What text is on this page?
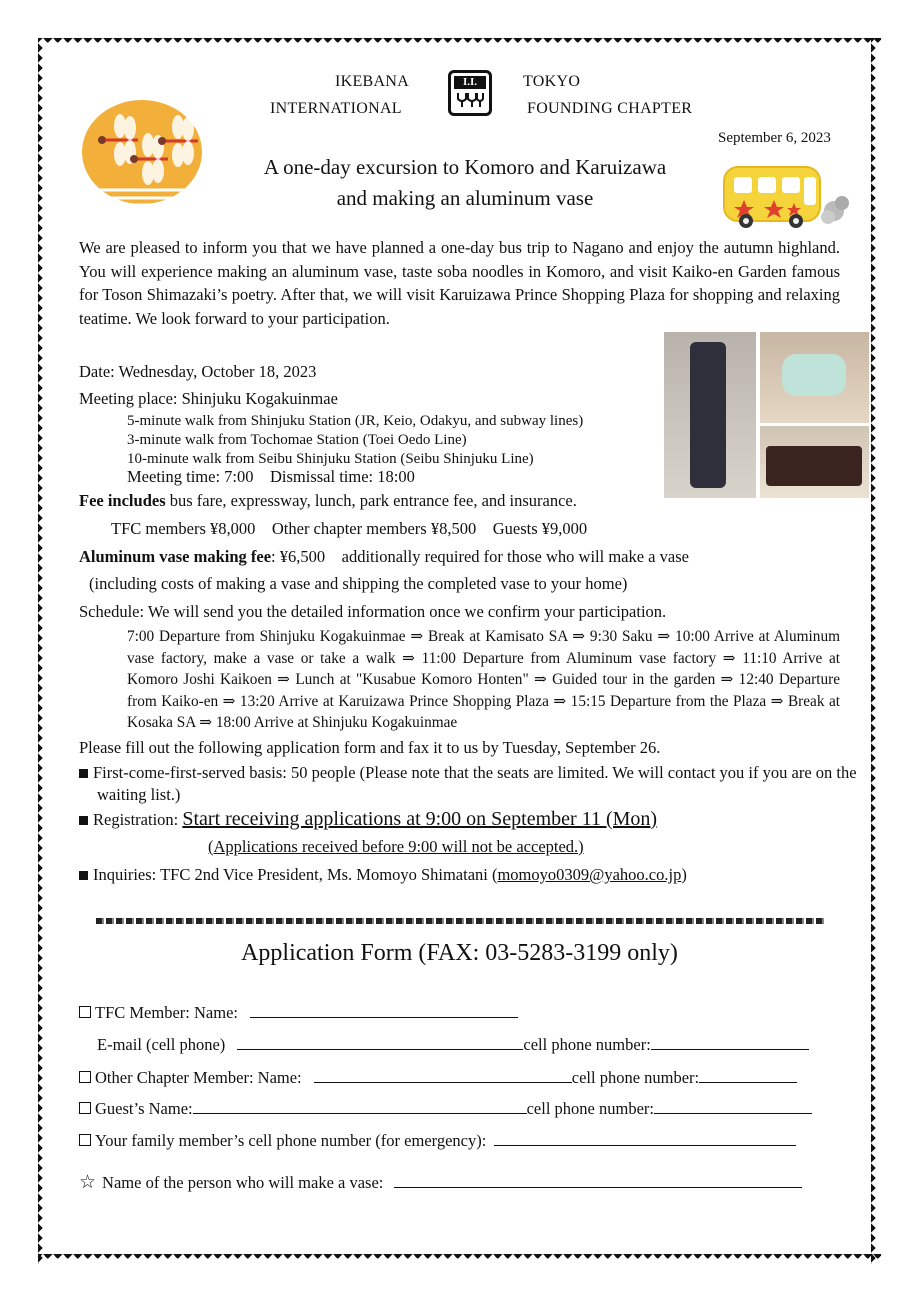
IKEBANA
INTERNATIONAL
TOKYO
FOUNDING CHAPTER
I.I.
September 6, 2023
A one-day excursion to Komoro and Karuizawa
and making an aluminum vase
We are pleased to inform you that we have planned a one-day bus trip to Nagano and enjoy the autumn highland. You will experience making an aluminum vase, taste soba noodles in Komoro, and visit Kaiko-en Garden famous for Toson Shimazaki’s poetry. After that, we will visit Karuizawa Prince Shopping Plaza for shopping and relaxing teatime. We look forward to your participation.
Date: Wednesday, October 18, 2023
Meeting place: Shinjuku Kogakuinmae
5-minute walk from Shinjuku Station (JR, Keio, Odakyu, and subway lines)
3-minute walk from Tochomae Station (Toei Oedo Line)
10-minute walk from Seibu Shinjuku Station (Seibu Shinjuku Line)
Meeting time: 7:00    Dismissal time: 18:00
Fee includes bus fare, expressway, lunch, park entrance fee, and insurance.
TFC members ¥8,000    Other chapter members ¥8,500    Guests ¥9,000
Aluminum vase making fee: ¥6,500    additionally required for those who will make a vase
(including costs of making a vase and shipping the completed vase to your home)
Schedule: We will send you the detailed information once we confirm your participation.
7:00 Departure from Shinjuku Kogakuinmae ⇒ Break at Kamisato SA ⇒ 9:30 Saku ⇒ 10:00 Arrive at Aluminum vase factory, make a vase or take a walk ⇒ 11:00 Departure from Aluminum vase factory ⇒ 11:10 Arrive at Komoro Joshi Kaikoen ⇒ Lunch at "Kusabue Komoro Honten" ⇒ Guided tour in the garden ⇒ 12:40 Departure from Kaiko-en ⇒ 13:20 Arrive at Karuizawa Prince Shopping Plaza ⇒ 15:15 Departure from the Plaza ⇒ Break at Kosaka SA ⇒ 18:00 Arrive at Shinjuku Kogakuinmae
Please fill out the following application form and fax it to us by Tuesday, September 26.
First-come-first-served basis: 50 people (Please note that the seats are limited. We will contact you if you are on the waiting list.)
Registration: Start receiving applications at 9:00 on September 11 (Mon)
(Applications received before 9:00 will not be accepted.)
Inquiries: TFC 2nd Vice President, Ms. Momoyo Shimatani (momoyo0309@yahoo.co.jp)
Application Form (FAX: 03-5283-3199 only)
TFC Member: Name:
E-mail (cell phone)	cell phone number:
Other Chapter Member: Name:	cell phone number:
Guest’s Name:	cell phone number:
Your family member’s cell phone number (for emergency):
☆ Name of the person who will make a vase:
